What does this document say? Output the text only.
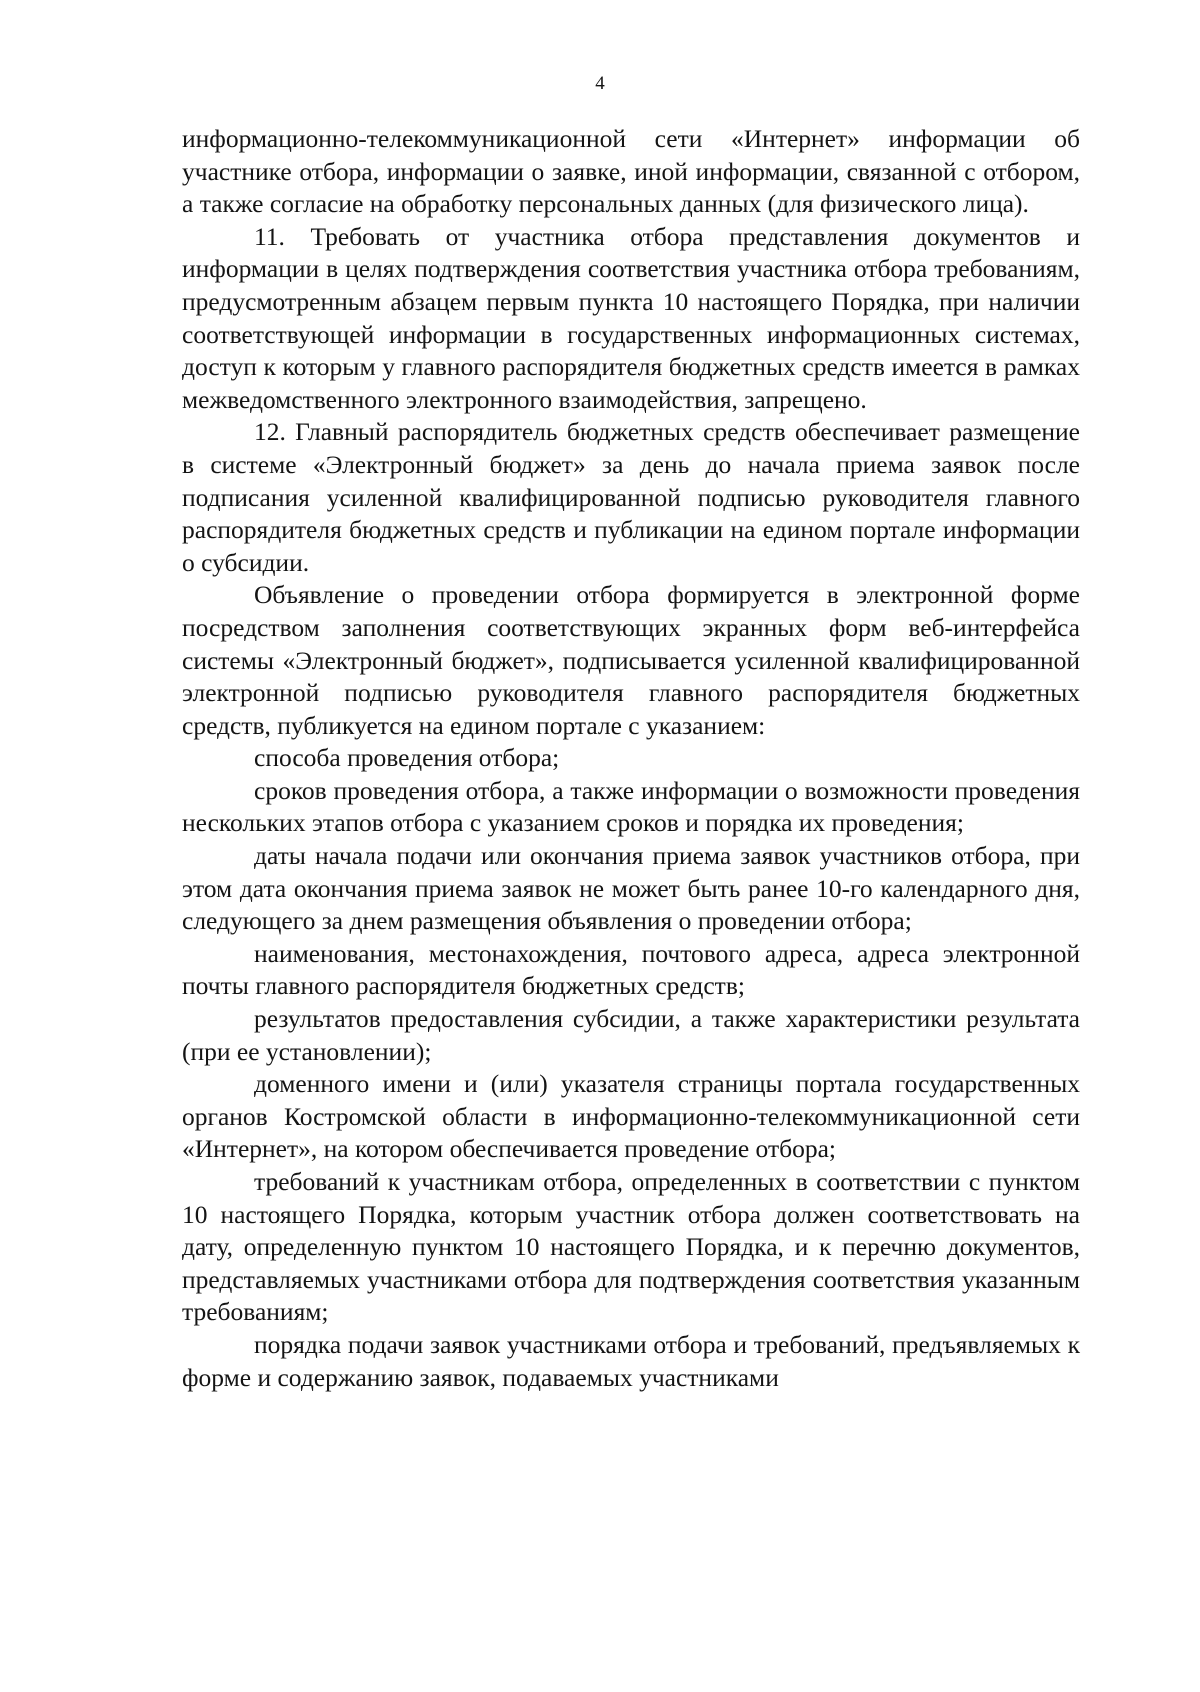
4

информационно-телекоммуникационной сети «Интернет» информации об участнике отбора, информации о заявке, иной информации, связанной с отбором, а также согласие на обработку персональных данных (для физического лица).

11. Требовать от участника отбора представления документов и информации в целях подтверждения соответствия участника отбора требованиям, предусмотренным абзацем первым пункта 10 настоящего Порядка, при наличии соответствующей информации в государственных информационных системах, доступ к которым у главного распорядителя бюджетных средств имеется в рамках межведомственного электронного взаимодействия, запрещено.

12. Главный распорядитель бюджетных средств обеспечивает размещение в системе «Электронный бюджет» за день до начала приема заявок после подписания усиленной квалифицированной подписью руководителя главного распорядителя бюджетных средств и публикации на едином портале информации о субсидии.

Объявление о проведении отбора формируется в электронной форме посредством заполнения соответствующих экранных форм веб-интерфейса системы «Электронный бюджет», подписывается усиленной квалифицированной электронной подписью руководителя главного распорядителя бюджетных средств, публикуется на едином портале с указанием:

способа проведения отбора;

сроков проведения отбора, а также информации о возможности проведения нескольких этапов отбора с указанием сроков и порядка их проведения;

даты начала подачи или окончания приема заявок участников отбора, при этом дата окончания приема заявок не может быть ранее 10-го календарного дня, следующего за днем размещения объявления о проведении отбора;

наименования, местонахождения, почтового адреса, адреса электронной почты главного распорядителя бюджетных средств;

результатов предоставления субсидии, а также характеристики результата (при ее установлении);

доменного имени и (или) указателя страницы портала государственных органов Костромской области в информационно-телекоммуникационной сети «Интернет», на котором обеспечивается проведение отбора;

требований к участникам отбора, определенных в соответствии с пунктом 10 настоящего Порядка, которым участник отбора должен соответствовать на дату, определенную пунктом 10 настоящего Порядка, и к перечню документов, представляемых участниками отбора для подтверждения соответствия указанным требованиям;

порядка подачи заявок участниками отбора и требований, предъявляемых к форме и содержанию заявок, подаваемых участниками
